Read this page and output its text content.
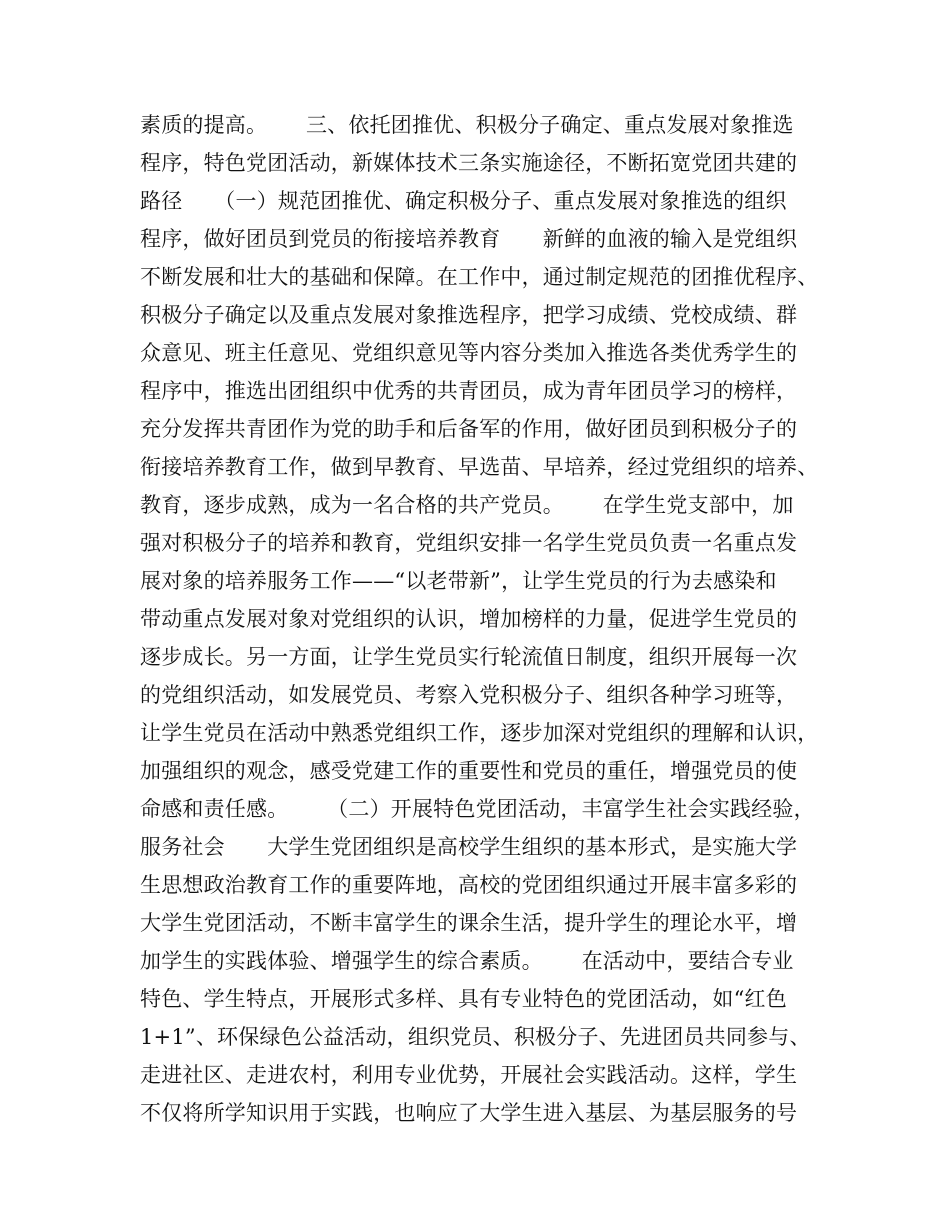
素质的提高。　　 三、依托团推优、积极分子确定、重点发展对象推选
程序，特色党团活动，新媒体技术三条实施途径，不断拓宽党团共建的
路径　　（一）规范团推优、确定积极分子、重点发展对象推选的组织
程序，做好团员到党员的衔接培养教育　　新鲜的血液的输入是党组织
不断发展和壮大的基础和保障。在工作中，通过制定规范的团推优程序、
积极分子确定以及重点发展对象推选程序，把学习成绩、党校成绩、群
众意见、班主任意见、党组织意见等内容分类加入推选各类优秀学生的
程序中，推选出团组织中优秀的共青团员，成为青年团员学习的榜样，
充分发挥共青团作为党的助手和后备军的作用，做好团员到积极分子的
衔接培养教育工作，做到早教育、早选苗、早培养，经过党组织的培养、
教育，逐步成熟，成为一名合格的共产党员。　　 在学生党支部中，加
强对积极分子的培养和教育，党组织安排一名学生党员负责一名重点发
展对象的培养服务工作——“以老带新”，让学生党员的行为去感染和
带动重点发展对象对党组织的认识，增加榜样的力量，促进学生党员的
逐步成长。另一方面，让学生党员实行轮流值日制度，组织开展每一次
的党组织活动，如发展党员、考察入党积极分子、组织各种学习班等，
让学生党员在活动中熟悉党组织工作，逐步加深对党组织的理解和认识，
加强组织的观念，感受党建工作的重要性和党员的重任，增强党员的使
命感和责任感。　　 （二）开展特色党团活动，丰富学生社会实践经验，
服务社会　　大学生党团组织是高校学生组织的基本形式，是实施大学
生思想政治教育工作的重要阵地，高校的党团组织通过开展丰富多彩的
大学生党团活动，不断丰富学生的课余生活，提升学生的理论水平，增
加学生的实践体验、增强学生的综合素质。　　 在活动中，要结合专业
特色、学生特点，开展形式多样、具有专业特色的党团活动，如“红色
1+1”、环保绿色公益活动，组织党员、积极分子、先进团员共同参与、
走进社区、走进农村，利用专业优势，开展社会实践活动。这样，学生
不仅将所学知识用于实践，也响应了大学生进入基层、为基层服务的号
